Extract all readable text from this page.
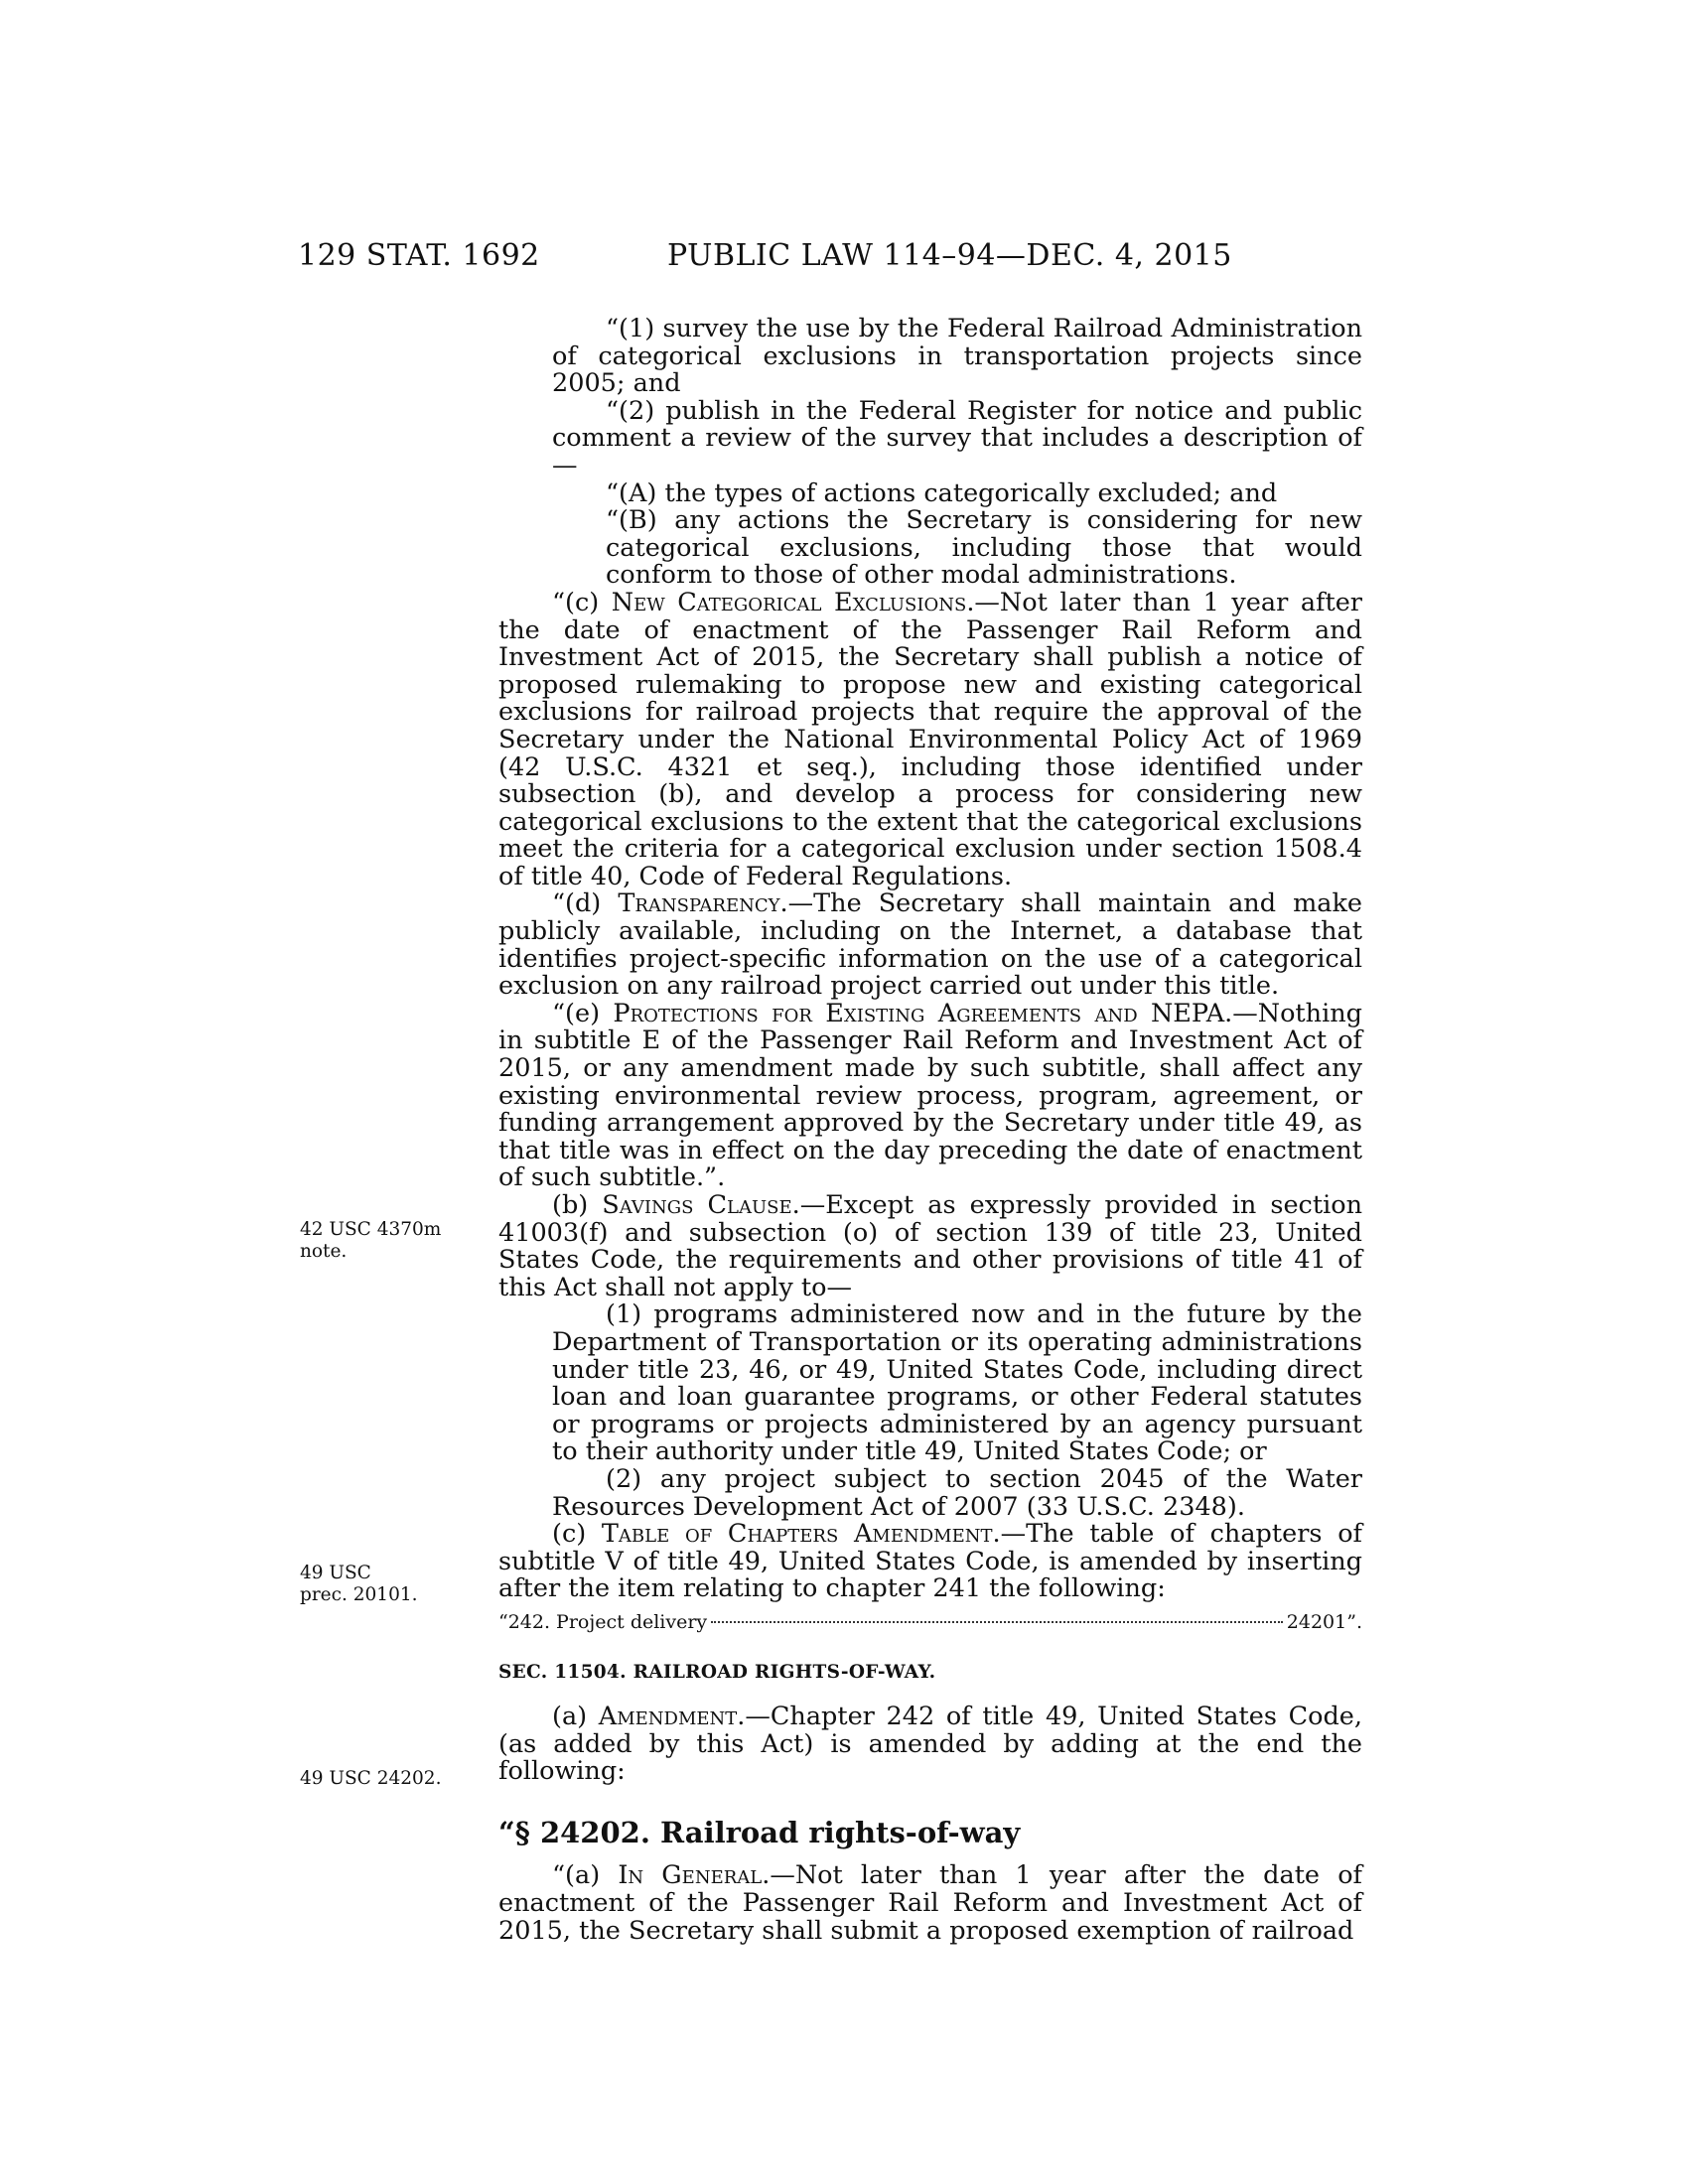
129 STAT. 1692	PUBLIC LAW 114–94—DEC. 4, 2015
42 USC 4370m
note.
49 USC
prec. 20101.
49 USC 24202.

“(1) survey the use by the Federal Railroad Administration of categorical exclusions in transportation projects since 2005; and

“(2) publish in the Federal Register for notice and public comment a review of the survey that includes a description of—

“(A) the types of actions categorically excluded; and

“(B) any actions the Secretary is considering for new categorical exclusions, including those that would conform to those of other modal administrations.

“(c) New Categorical Exclusions.—Not later than 1 year after the date of enactment of the Passenger Rail Reform and Investment Act of 2015, the Secretary shall publish a notice of proposed rulemaking to propose new and existing categorical exclusions for railroad projects that require the approval of the Secretary under the National Environmental Policy Act of 1969 (42 U.S.C. 4321 et seq.), including those identified under subsection (b), and develop a process for considering new categorical exclusions to the extent that the categorical exclusions meet the criteria for a categorical exclusion under section 1508.4 of title 40, Code of Federal Regulations.

“(d) Transparency.—The Secretary shall maintain and make publicly available, including on the Internet, a database that identifies project-specific information on the use of a categorical exclusion on any railroad project carried out under this title.

“(e) Protections for Existing Agreements and NEPA.—Nothing in subtitle E of the Passenger Rail Reform and Investment Act of 2015, or any amendment made by such subtitle, shall affect any existing environmental review process, program, agreement, or funding arrangement approved by the Secretary under title 49, as that title was in effect on the day preceding the date of enactment of such subtitle.”.

(b) Savings Clause.—Except as expressly provided in section 41003(f) and subsection (o) of section 139 of title 23, United States Code, the requirements and other provisions of title 41 of this Act shall not apply to—

(1) programs administered now and in the future by the Department of Transportation or its operating administrations under title 23, 46, or 49, United States Code, including direct loan and loan guarantee programs, or other Federal statutes or programs or projects administered by an agency pursuant to their authority under title 49, United States Code; or

(2) any project subject to section 2045 of the Water Resources Development Act of 2007 (33 U.S.C. 2348).

(c) Table of Chapters Amendment.—The table of chapters of subtitle V of title 49, United States Code, is amended by inserting after the item relating to chapter 241 the following:

“242. Project delivery	24201”.
SEC. 11504. RAILROAD RIGHTS-OF-WAY.

(a) Amendment.—Chapter 242 of title 49, United States Code, (as added by this Act) is amended by adding at the end the following:

“§ 24202. Railroad rights-of-way

“(a) In General.—Not later than 1 year after the date of enactment of the Passenger Rail Reform and Investment Act of 2015, the Secretary shall submit a proposed exemption of railroad
